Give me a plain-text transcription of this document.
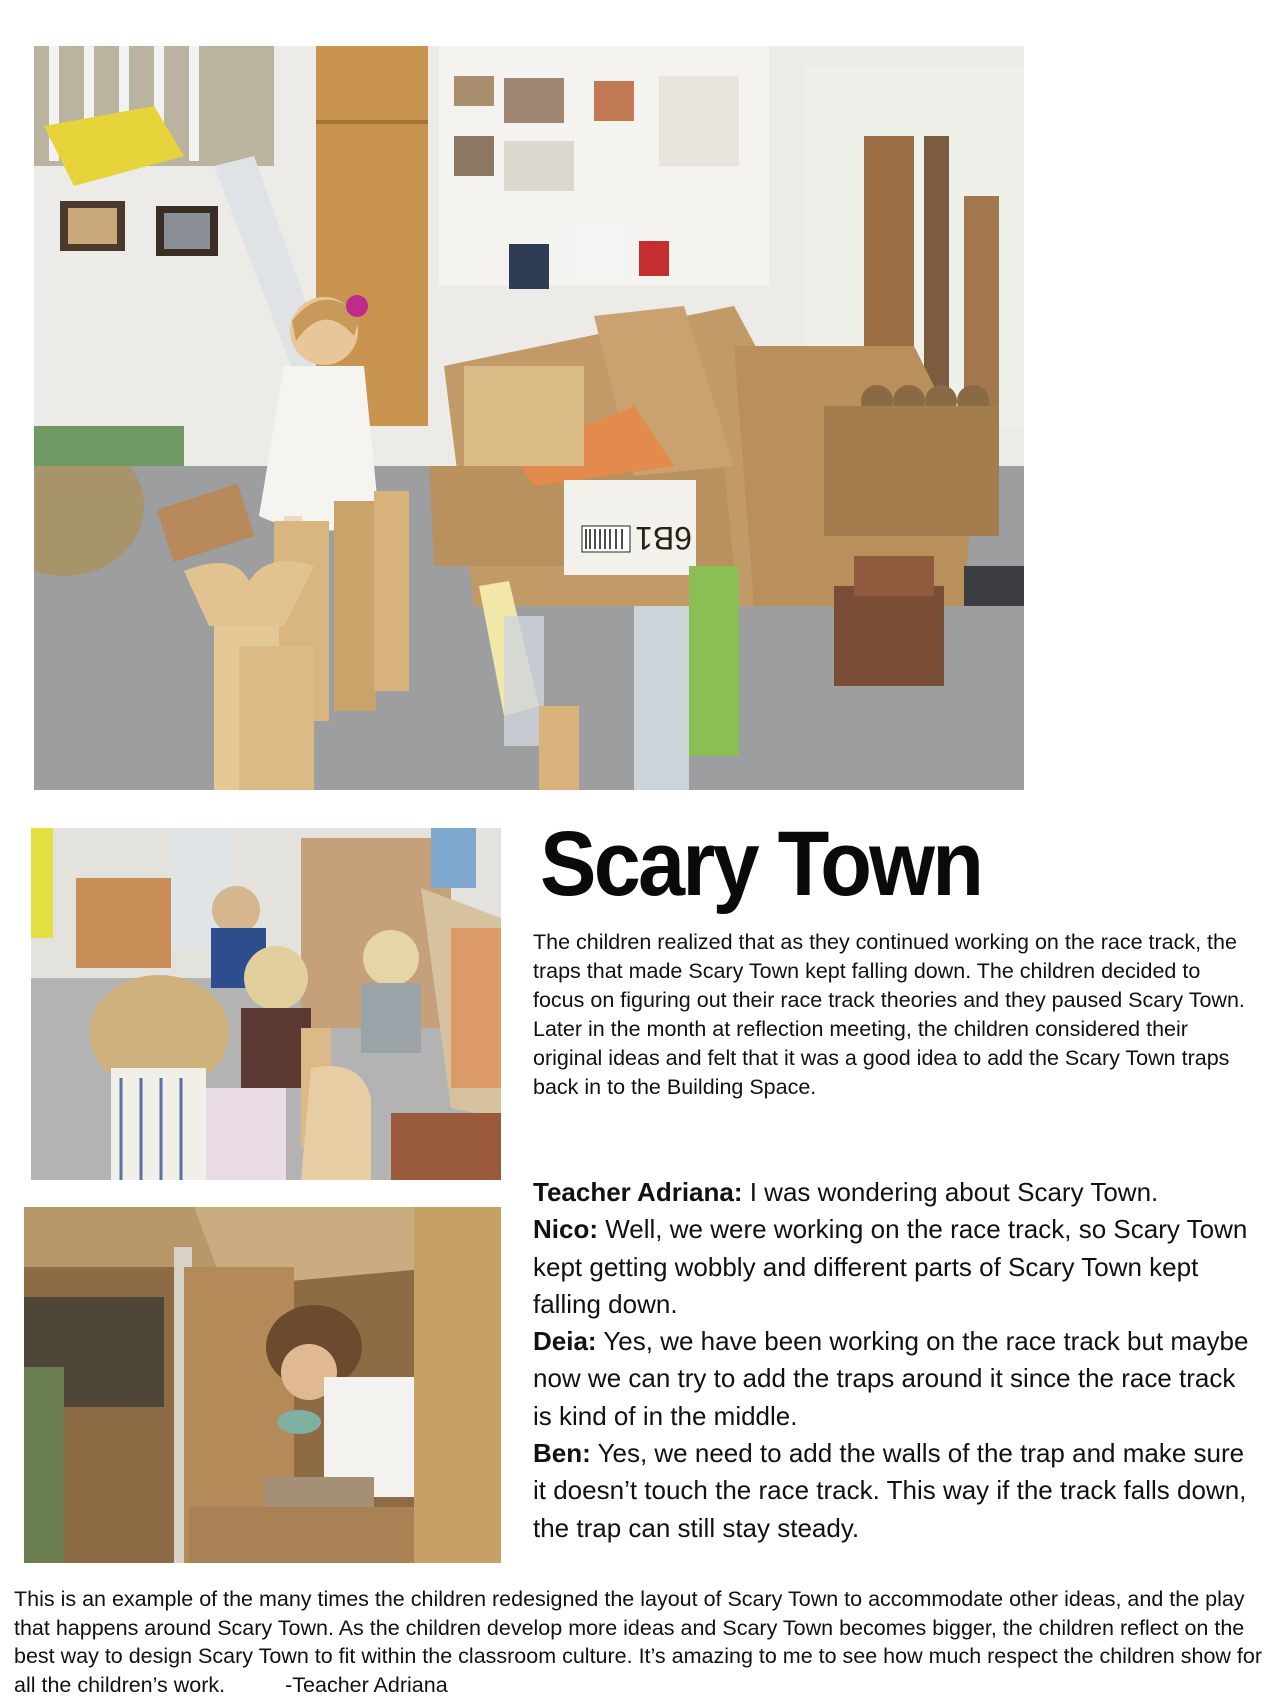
6B1
Scary Town

The children realized that as they continued working on the race track, the traps that made Scary Town kept falling down. The children decided to focus on figuring out their race track theories and they paused Scary Town. Later in the month at reflection meeting, the children considered their original ideas and felt that it was a good idea to add the Scary Town traps back in to the Building Space.

Teacher Adriana: I was wondering about Scary Town.

Nico: Well, we were working on the race track, so Scary Town kept getting wobbly and different parts of Scary Town kept falling down.

Deia: Yes, we have been working on the race track but maybe now we can try to add the traps around it since the race track is kind of in the middle.

Ben: Yes, we need to add the walls of the trap and make sure it doesn’t touch the race track. This way if the track falls down, the trap can still stay steady.

This is an example of the many times the children redesigned the layout of Scary Town to accommodate other ideas, and the play that happens around Scary Town. As the children develop more ideas and Scary Town becomes bigger, the children reflect on the best way to design Scary Town to fit within the classroom culture. It’s amazing to me to see how much respect the children show for all the children’s work.	-Teacher Adriana
